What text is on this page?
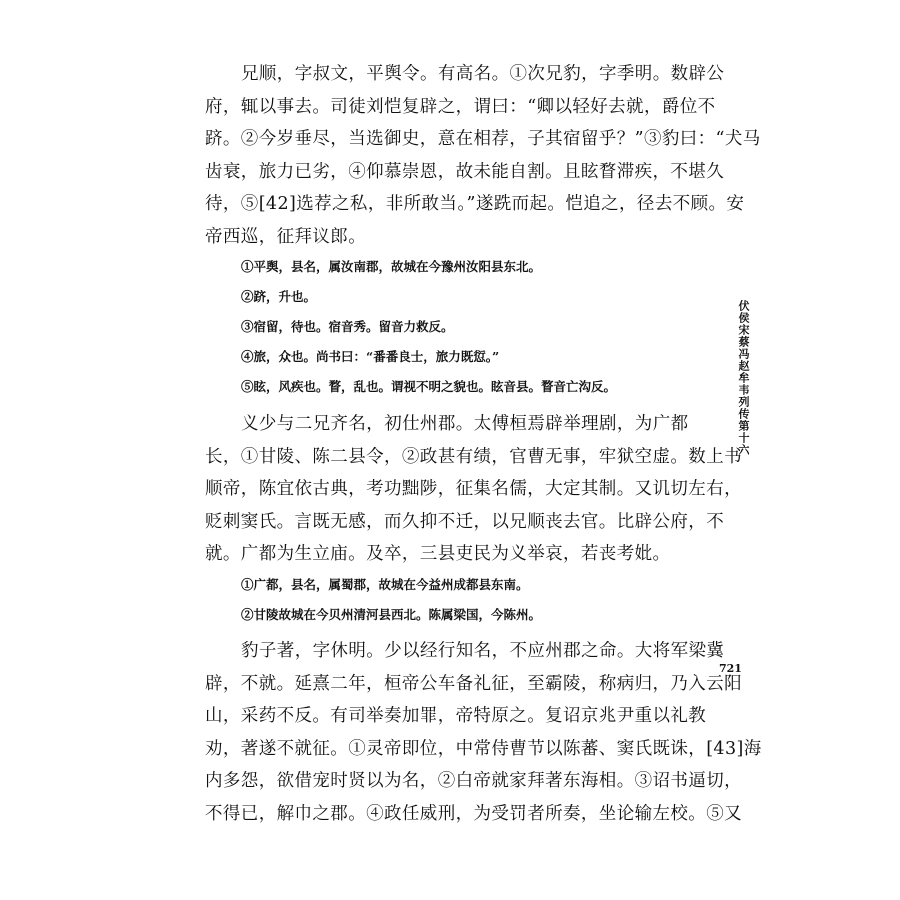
兄顺，字叔文，平舆令。有高名。①次兄豹，字季明。数辟公

府，辄以事去。司徒刘恺复辟之，谓曰：“卿以轻好去就，爵位不

跻。②今岁垂尽，当选御史，意在相荐，子其宿留乎？”③豹曰：“犬马

齿衰，旅力已劣，④仰慕崇恩，故未能自割。且眩瞀滞疾，不堪久

待，⑤[42]选荐之私，非所敢当。”遂跣而起。恺追之，径去不顾。安

帝西巡，征拜议郎。

①平舆，县名，属汝南郡，故城在今豫州汝阳县东北。

②跻，升也。

③宿留，待也。宿音秀。留音力救反。

④旅，众也。尚书曰：“番番良士，旅力既愆。”

⑤眩，风疾也。瞀，乱也。谓视不明之貌也。眩音县。瞀音亡沟反。

义少与二兄齐名，初仕州郡。太傅桓焉辟举理剧，为广都

长，①甘陵、陈二县令，②政甚有绩，官曹无事，牢狱空虚。数上书

顺帝，陈宜依古典，考功黜陟，征集名儒，大定其制。又讥切左右，

贬刺窦氏。言既无感，而久抑不迁，以兄顺丧去官。比辟公府，不

就。广都为生立庙。及卒，三县吏民为义举哀，若丧考妣。

①广都，县名，属蜀郡，故城在今益州成都县东南。

②甘陵故城在今贝州清河县西北。陈属梁国，今陈州。

豹子著，字休明。少以经行知名，不应州郡之命。大将军梁冀

辟，不就。延熹二年，桓帝公车备礼征，至霸陵，称病归，乃入云阳

山，采药不反。有司举奏加罪，帝特原之。复诏京兆尹重以礼教

劝，著遂不就征。①灵帝即位，中常侍曹节以陈蕃、窦氏既诛，[43]海

内多怨，欲借宠时贤以为名，②白帝就家拜著东海相。③诏书逼切，

不得已，解巾之郡。④政任威刑，为受罚者所奏，坐论输左校。⑤又

伏侯宋蔡冯赵牟韦列传第十六
721
